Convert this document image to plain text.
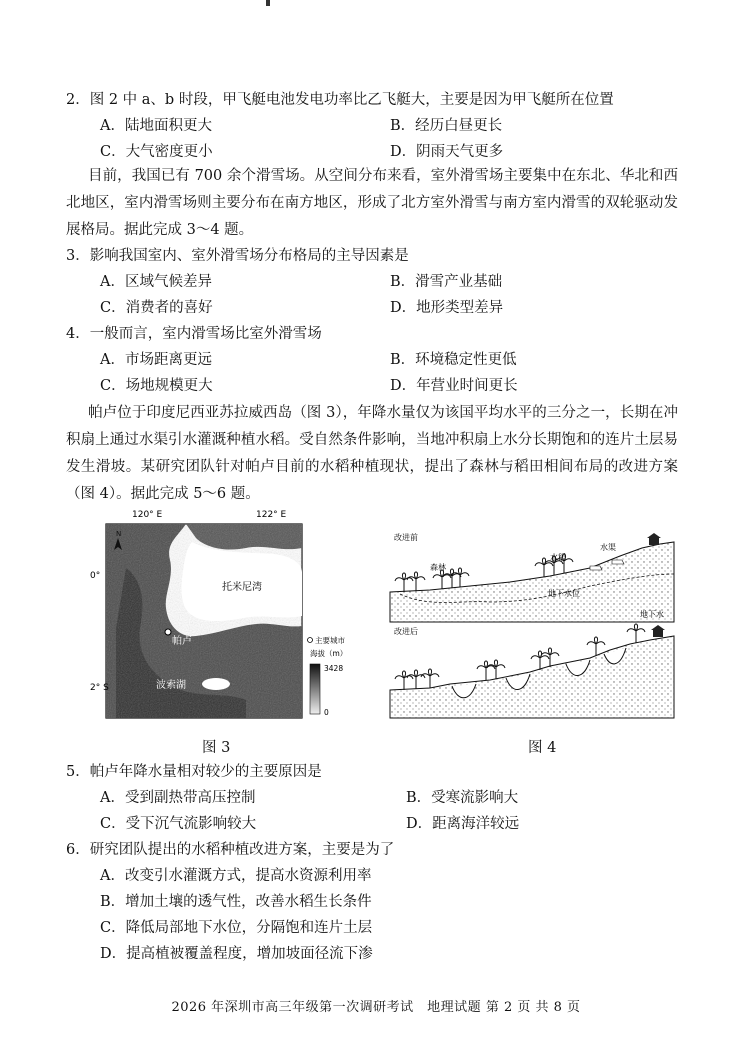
2．图 2 中 a、b 时段，甲飞艇电池发电功率比乙飞艇大，主要是因为甲飞艇所在位置
A．陆地面积更大	B．经历白昼更长
C．大气密度更小	D．阴雨天气更多
目前，我国已有 700 余个滑雪场。从空间分布来看，室外滑雪场主要集中在东北、华北和西北地区，室内滑雪场则主要分布在南方地区，形成了北方室外滑雪与南方室内滑雪的双轮驱动发展格局。据此完成 3～4 题。
3．影响我国室内、室外滑雪场分布格局的主导因素是
A．区域气候差异	B．滑雪产业基础
C．消费者的喜好	D．地形类型差异
4．一般而言，室内滑雪场比室外滑雪场
A．市场距离更远	B．环境稳定性更低
C．场地规模更大	D．年营业时间更长
帕卢位于印度尼西亚苏拉威西岛（图 3），年降水量仅为该国平均水平的三分之一，长期在冲积扇上通过水渠引水灌溉种植水稻。受自然条件影响，当地冲积扇上水分长期饱和的连片土层易发生滑坡。某研究团队针对帕卢目前的水稻种植现状，提出了森林与稻田相间布局的改进方案（图 4）。据此完成 5～6 题。
120° E	122° E
托米尼湾
N
帕卢
波索湖
0°
2° S
主要城市
海拔（m）
3428
0
图 3
改进前
森林
水稻
水渠
地下水位
地下水
改进后
图 4
5．帕卢年降水量相对较少的主要原因是
A．受到副热带高压控制	B．受寒流影响大
C．受下沉气流影响较大	D．距离海洋较远
6．研究团队提出的水稻种植改进方案，主要是为了
A．改变引水灌溉方式，提高水资源利用率
B．增加土壤的透气性，改善水稻生长条件
C．降低局部地下水位，分隔饱和连片土层
D．提高植被覆盖程度，增加坡面径流下渗
2026 年深圳市高三年级第一次调研考试　地理试题 第 2 页 共 8 页
